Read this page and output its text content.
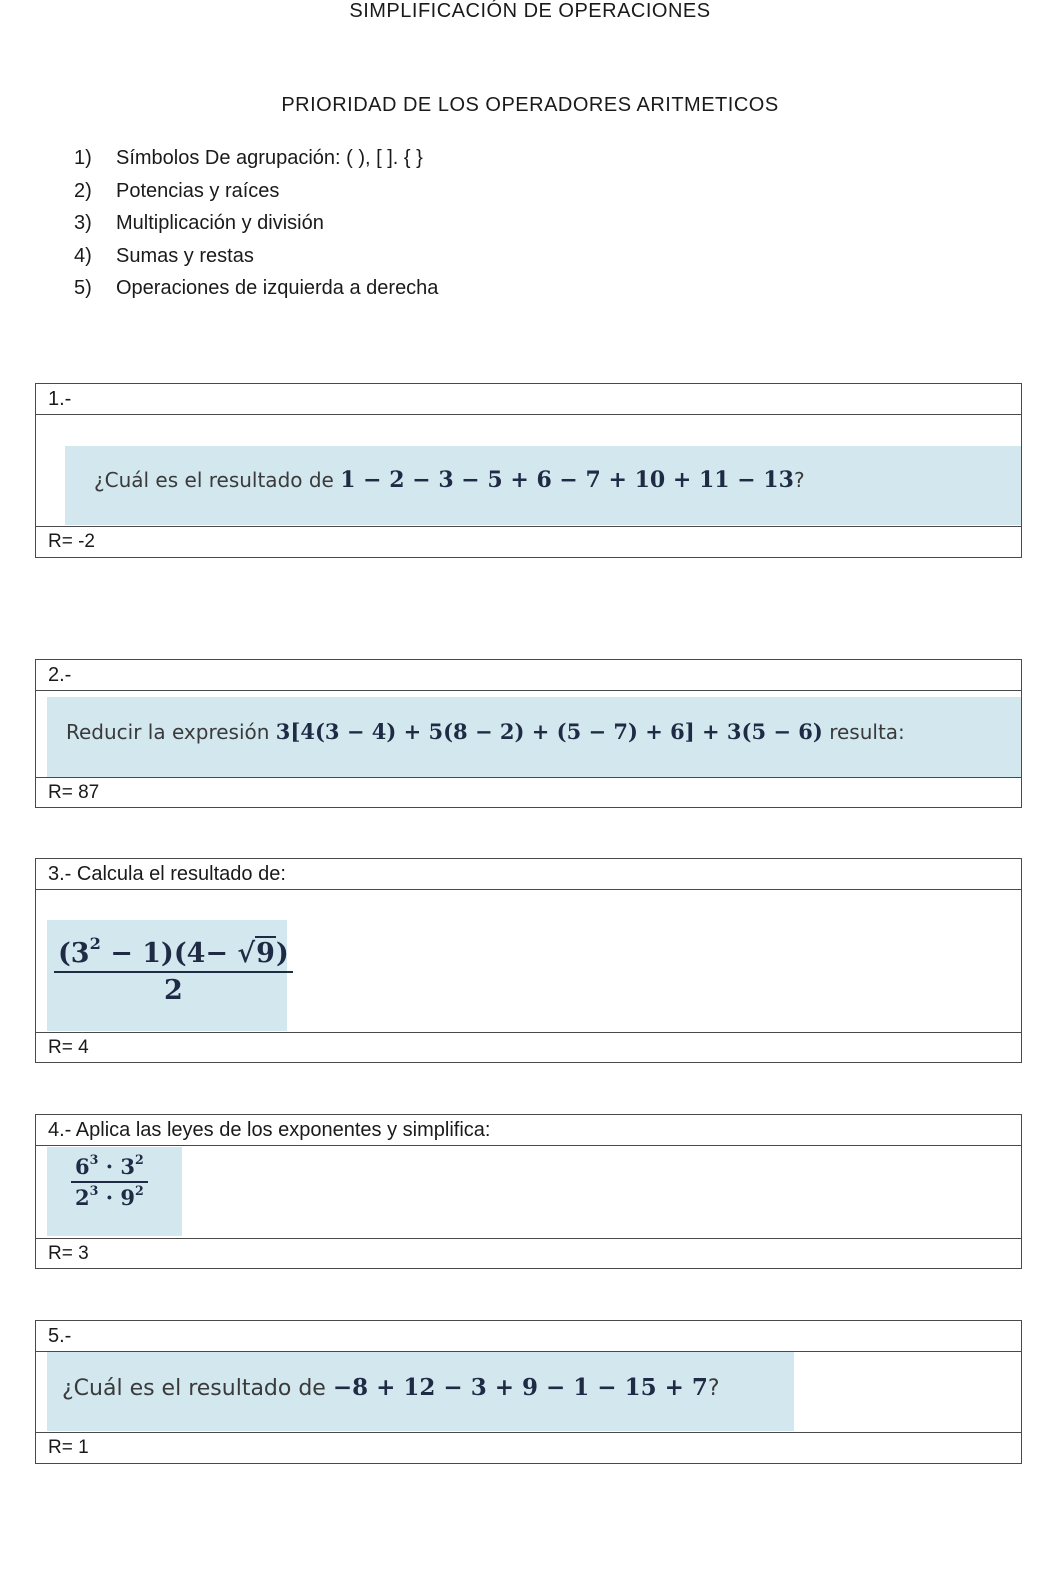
SIMPLIFICACIÓN DE OPERACIONES
PRIORIDAD DE LOS OPERADORES ARITMETICOS
1)	Símbolos De agrupación: ( ), [ ]. { }
2)	Potencias y raíces
3)	Multiplicación y división
4)	Sumas y restas
5)	Operaciones de izquierda a derecha
1.-
¿Cuál es el resultado de 1 − 2 − 3 − 5 + 6 − 7 + 10 + 11 − 13?
R= -2
2.-
Reducir la expresión 3[4(3 − 4) + 5(8 − 2) + (5 − 7) + 6] + 3(5 − 6) resulta:
R= 87
3.- Calcula el resultado de:
$\frac{(3^2 - 1)(4- √9)}{2}$
R= 4
4.- Aplica las leyes de los exponentes y simplifica:
$\frac{6^3 \cdot 3^2}{2^3 \cdot 9^2}$
R= 3
5.-
¿Cuál es el resultado de −8 + 12 − 3 + 9 − 1 − 15 + 7?
R= 1
